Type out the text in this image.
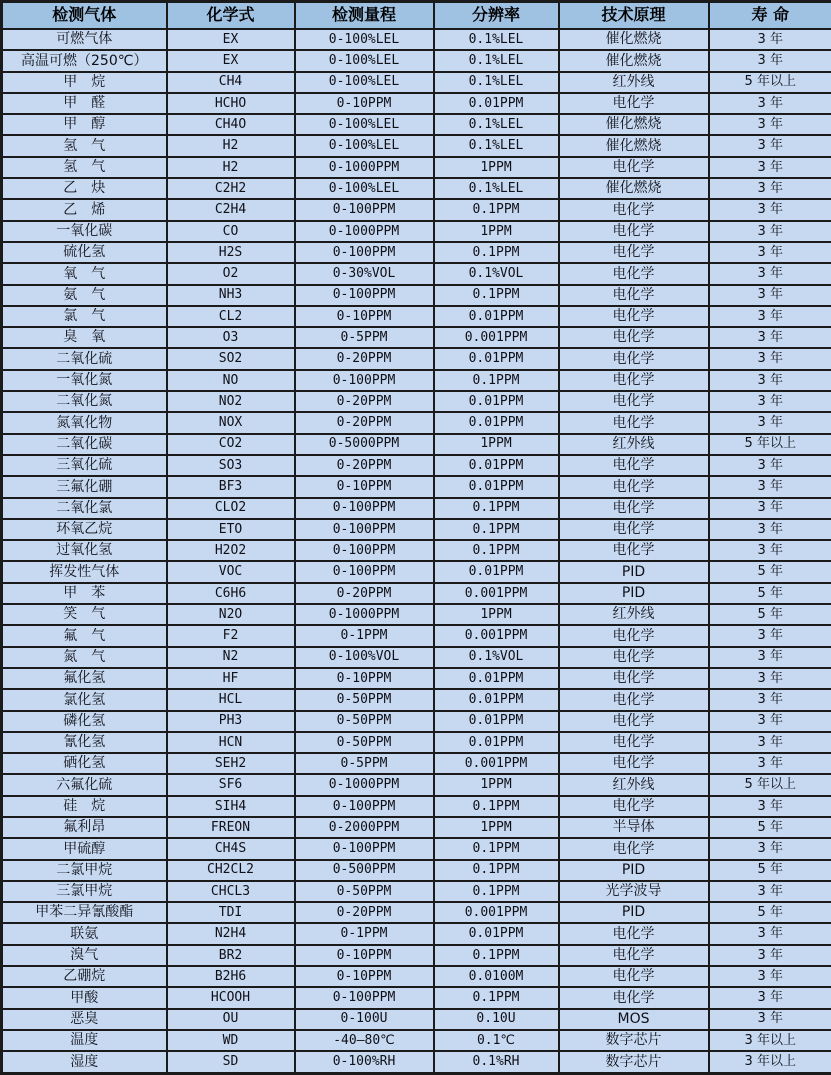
检测气体	化学式	检测量程	分辨率	技术原理	寿 命
可燃气体	EX	0-100%LEL	0.1%LEL	催化燃烧	3 年
高温可燃（250℃）	EX	0-100%LEL	0.1%LEL	催化燃烧	3 年
甲　烷	CH4	0-100%LEL	0.1%LEL	红外线	5 年以上
甲　醛	HCHO	0-10PPM	0.01PPM	电化学	3 年
甲　醇	CH4O	0-100%LEL	0.1%LEL	催化燃烧	3 年
氢　气	H2	0-100%LEL	0.1%LEL	催化燃烧	3 年
氢　气	H2	0-1000PPM	1PPM	电化学	3 年
乙　炔	C2H2	0-100%LEL	0.1%LEL	催化燃烧	3 年
乙　烯	C2H4	0-100PPM	0.1PPM	电化学	3 年
一氧化碳	CO	0-1000PPM	1PPM	电化学	3 年
硫化氢	H2S	0-100PPM	0.1PPM	电化学	3 年
氧　气	O2	0-30%VOL	0.1%VOL	电化学	3 年
氨　气	NH3	0-100PPM	0.1PPM	电化学	3 年
氯　气	CL2	0-10PPM	0.01PPM	电化学	3 年
臭　氧	O3	0-5PPM	0.001PPM	电化学	3 年
二氧化硫	SO2	0-20PPM	0.01PPM	电化学	3 年
一氧化氮	NO	0-100PPM	0.1PPM	电化学	3 年
二氧化氮	NO2	0-20PPM	0.01PPM	电化学	3 年
氮氧化物	NOX	0-20PPM	0.01PPM	电化学	3 年
二氧化碳	CO2	0-5000PPM	1PPM	红外线	5 年以上
三氧化硫	SO3	0-20PPM	0.01PPM	电化学	3 年
三氟化硼	BF3	0-10PPM	0.01PPM	电化学	3 年
二氧化氯	CLO2	0-100PPM	0.1PPM	电化学	3 年
环氧乙烷	ETO	0-100PPM	0.1PPM	电化学	3 年
过氧化氢	H2O2	0-100PPM	0.1PPM	电化学	3 年
挥发性气体	VOC	0-100PPM	0.01PPM	PID	5 年
甲　苯	C6H6	0-20PPM	0.001PPM	PID	5 年
笑　气	N2O	0-1000PPM	1PPM	红外线	5 年
氟　气	F2	0-1PPM	0.001PPM	电化学	3 年
氮　气	N2	0-100%VOL	0.1%VOL	电化学	3 年
氟化氢	HF	0-10PPM	0.01PPM	电化学	3 年
氯化氢	HCL	0-50PPM	0.01PPM	电化学	3 年
磷化氢	PH3	0-50PPM	0.01PPM	电化学	3 年
氰化氢	HCN	0-50PPM	0.01PPM	电化学	3 年
硒化氢	SEH2	0-5PPM	0.001PPM	电化学	3 年
六氟化硫	SF6	0-1000PPM	1PPM	红外线	5 年以上
硅　烷	SIH4	0-100PPM	0.1PPM	电化学	3 年
氟利昂	FREON	0-2000PPM	1PPM	半导体	5 年
甲硫醇	CH4S	0-100PPM	0.1PPM	电化学	3 年
二氯甲烷	CH2CL2	0-500PPM	0.1PPM	PID	5 年
三氯甲烷	CHCL3	0-50PPM	0.1PPM	光学波导	3 年
甲苯二异氰酸酯	TDI	0-20PPM	0.001PPM	PID	5 年
联氨	N2H4	0-1PPM	0.01PPM	电化学	3 年
溴气	BR2	0-10PPM	0.1PPM	电化学	3 年
乙硼烷	B2H6	0-10PPM	0.0100M	电化学	3 年
甲酸	HCOOH	0-100PPM	0.1PPM	电化学	3 年
恶臭	OU	0-100U	0.10U	MOS	3 年
温度	WD	-40—80℃	0.1℃	数字芯片	3 年以上
湿度	SD	0-100%RH	0.1%RH	数字芯片	3 年以上
